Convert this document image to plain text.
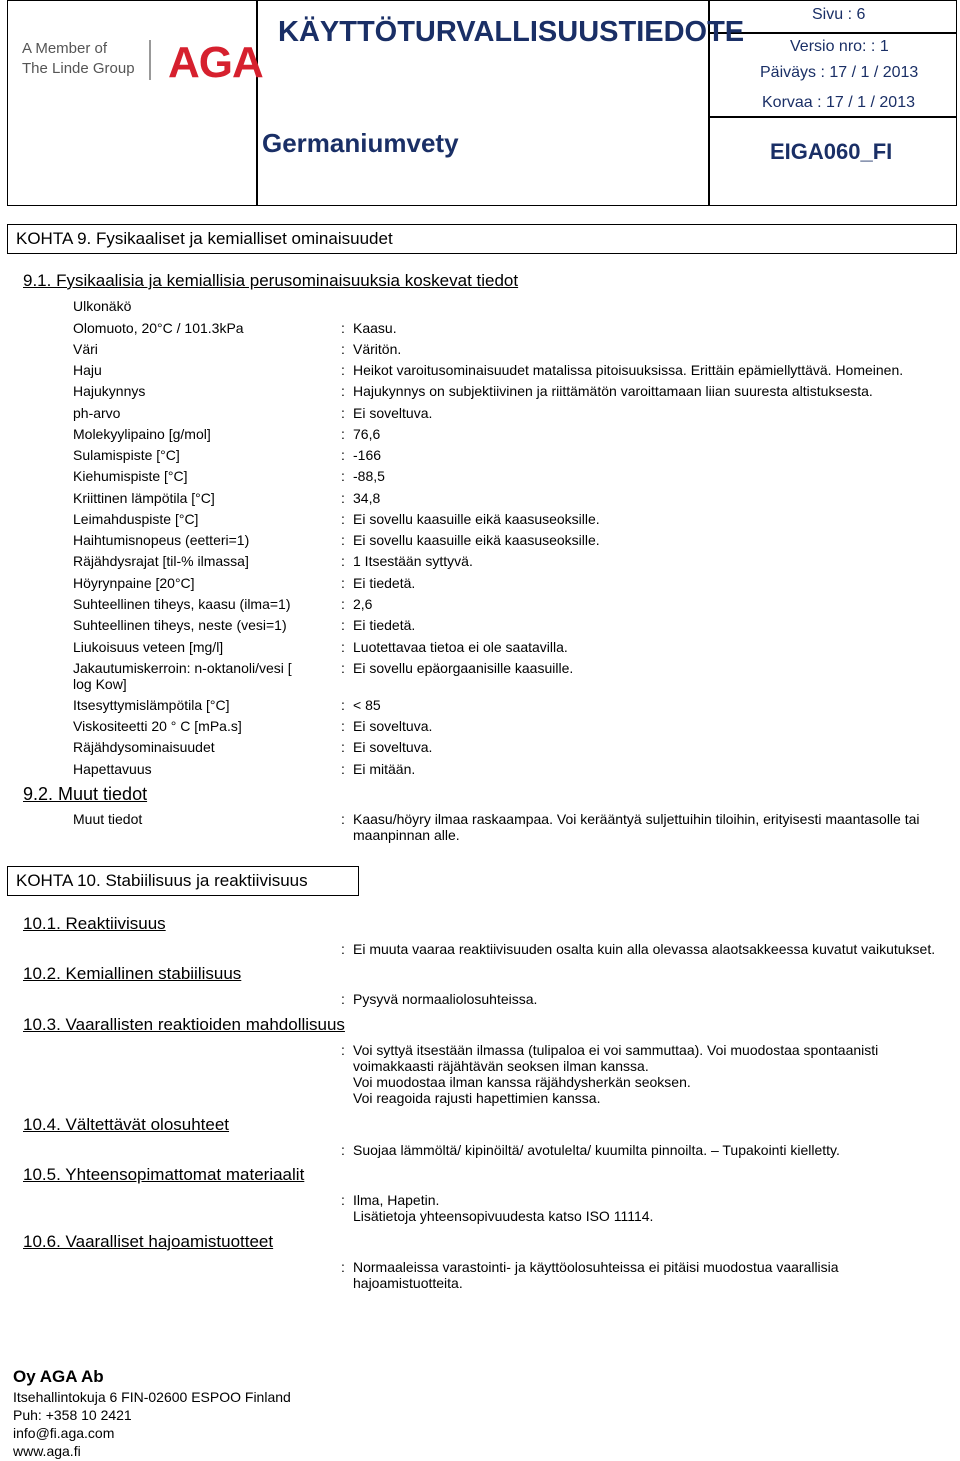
A Member of
The Linde Group AGA
KÄYTTÖTURVALLISUUSTIEDOTE
Germaniumvety
Sivu : 6
Versio nro: : 1
Päiväys : 17 / 1 / 2013
Korvaa : 17 / 1 / 2013
EIGA060_FI
KOHTA 9. Fysikaaliset ja kemialliset ominaisuudet
9.1. Fysikaalisia ja kemiallisia perusominaisuuksia koskevat tiedot
Ulkonäkö
Olomuoto, 20°C / 101.3kPa	: Kaasu.
Väri	: Väritön.
Haju	: Heikot varoitusominaisuudet matalissa pitoisuuksissa. Erittäin epämiellyttävä. Homeinen.
Hajukynnys	: Hajukynnys on subjektiivinen ja riittämätön varoittamaan liian suuresta altistuksesta.
ph-arvo	: Ei soveltuva.
Molekyylipaino [g/mol]	: 76,6
Sulamispiste [°C]	: -166
Kiehumispiste [°C]	: -88,5
Kriittinen lämpötila [°C]	: 34,8
Leimahduspiste [°C]	: Ei sovellu kaasuille eikä kaasuseoksille.
Haihtumisnopeus (eetteri=1)	: Ei sovellu kaasuille eikä kaasuseoksille.
Räjähdysrajat [til-% ilmassa]	: 1 Itsestään syttyvä.
Höyrynpaine [20°C]	: Ei tiedetä.
Suhteellinen tiheys, kaasu (ilma=1)	: 2,6
Suhteellinen tiheys, neste (vesi=1)	: Ei tiedetä.
Liukoisuus veteen [mg/l]	: Luotettavaa tietoa ei ole saatavilla.
Jakautumiskerroin: n-oktanoli/vesi [
log Kow]
: Ei sovellu epäorgaanisille kaasuille.
Itsesyttymislämpötila [°C]	: < 85
Viskositeetti 20 ° C [mPa.s]	: Ei soveltuva.
Räjähdysominaisuudet	: Ei soveltuva.
Hapettavuus	: Ei mitään.
9.2. Muut tiedot
Muut tiedot	: Kaasu/höyry ilmaa raskaampaa. Voi kerääntyä suljettuihin tiloihin, erityisesti maantasolle tai
maanpinnan alle.
KOHTA 10. Stabiilisuus ja reaktiivisuus
10.1. Reaktiivisuus
: Ei muuta vaaraa reaktiivisuuden osalta kuin alla olevassa alaotsakkeessa kuvatut vaikutukset.
10.2. Kemiallinen stabiilisuus
: Pysyvä normaaliolosuhteissa.
10.3. Vaarallisten reaktioiden mahdollisuus
: Voi syttyä itsestään ilmassa (tulipaloa ei voi sammuttaa). Voi muodostaa spontaanisti
voimakkaasti räjähtävän seoksen ilman kanssa.
Voi muodostaa ilman kanssa räjähdysherkän seoksen.
Voi reagoida rajusti hapettimien kanssa.
10.4. Vältettävät olosuhteet
: Suojaa lämmöltä/ kipinöiltä/ avotulelta/ kuumilta pinnoilta. – Tupakointi kielletty.
10.5. Yhteensopimattomat materiaalit
: Ilma, Hapetin.
Lisätietoja yhteensopivuudesta katso ISO 11114.
10.6. Vaaralliset hajoamistuotteet
: Normaaleissa varastointi- ja käyttöolosuhteissa ei pitäisi muodostua vaarallisia
hajoamistuotteita.
Oy AGA Ab
Itsehallintokuja 6 FIN-02600 ESPOO Finland
Puh: +358 10 2421
info@fi.aga.com
www.aga.fi
